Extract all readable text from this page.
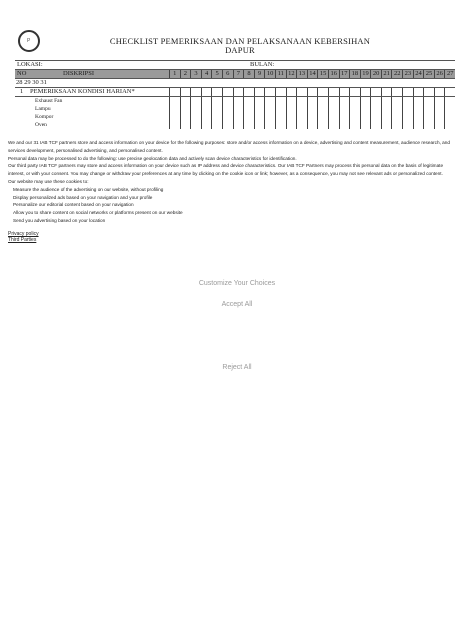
P	CHECKLIST PEMERIKSAAN DAN PELAKSANAAN KEBERSIHAN
DAPUR
LOKASI:	BULAN:
NO	DISKRIPSI	1	2	3	4	5	6	7	8	9 10 11 12 13 14 15 16 17 18 19 20 21 22 23 24 25 26 27
28 29 30 31
1 PEMERIKSAAN KONDISI HARIAN*
Exhaust Fan
Lampu
Kompor
Oven

We and our 31 IAB TCF partners store and access information on your device for the following purposes: store and/or access information on a device, advertising and content measurement, audience research, and services development, personalised advertising, and personalised content.

Personal data may be processed to do the following: use precise geolocation data and actively scan device characteristics for identification.

Our third party IAB TCF partners may store and access information on your device such as IP address and device characteristics. Our IAB TCF Partners may process this personal data on the basis of legitimate interest, or with your consent. You may change or withdraw your preferences at any time by clicking on the cookie icon or link; however, as a consequence, you may not see relevant ads or personalized content.

Our website may use these cookies to:

Measure the audience of the advertising on our website, without profiling
Display personalized ads based on your navigation and your profile
Personalize our editorial content based on your navigation
Allow you to share content on social networks or platforms present on our website
Send you advertising based on your location
Privacy policy
Third Parties
Customize Your Choices
Accept All
Reject All
